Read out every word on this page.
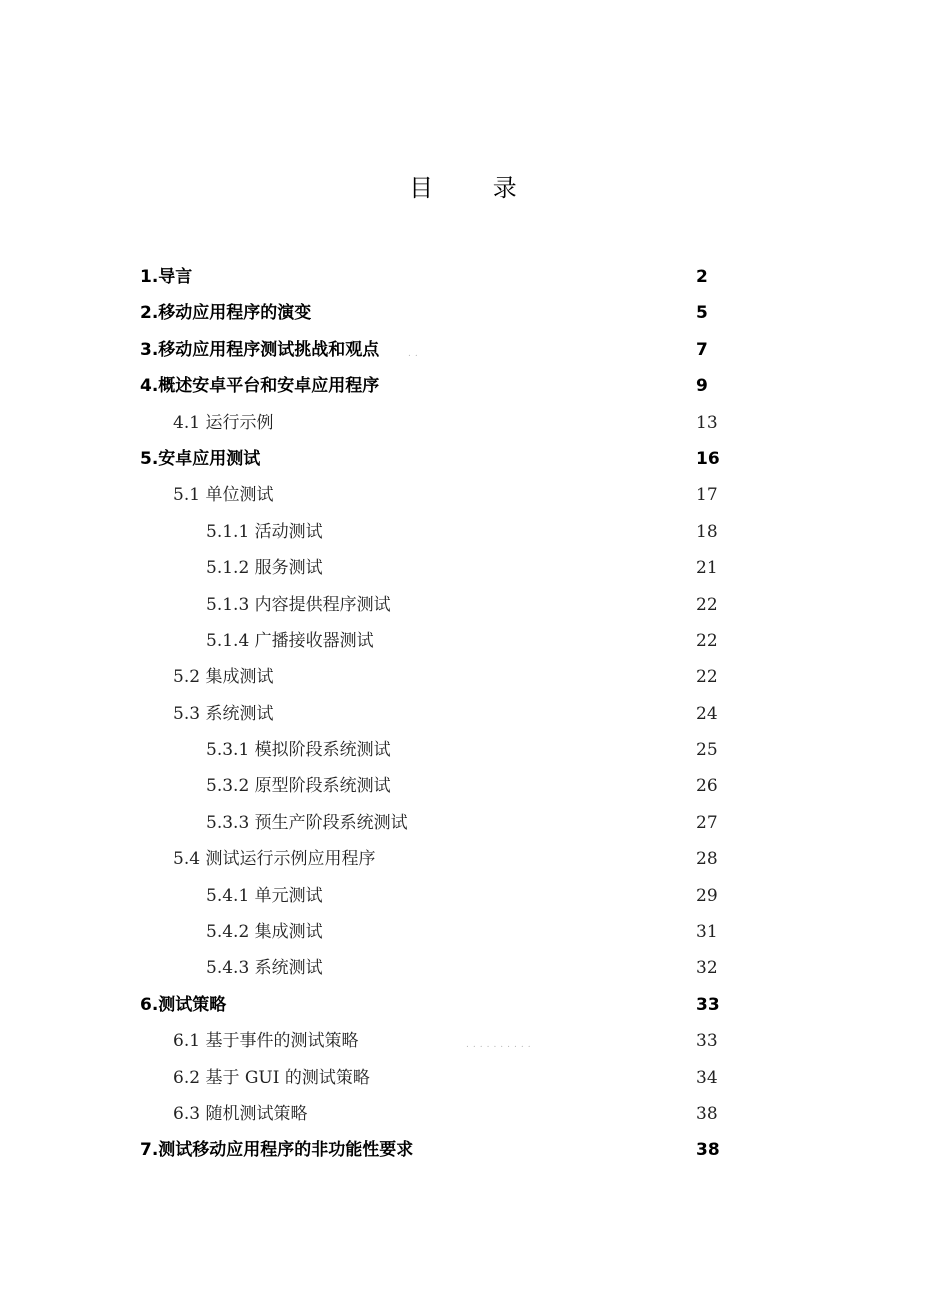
目 录
1.导言	2
2.移动应用程序的演变	5
3.移动应用程序测试挑战和观点	..	7
4.概述安卓平台和安卓应用程序	9
4.1 运行示例	13
5.安卓应用测试	16
5.1 单位测试	17
5.1.1 活动测试	18
5.1.2 服务测试	21
5.1.3 内容提供程序测试	22
5.1.4 广播接收器测试	22
5.2 集成测试	22
5.3 系统测试	24
5.3.1 模拟阶段系统测试	25
5.3.2 原型阶段系统测试	26
5.3.3 预生产阶段系统测试	27
5.4 测试运行示例应用程序	28
5.4.1 单元测试	29
5.4.2 集成测试	31
5.4.3 系统测试	32
6.测试策略	33
6.1 基于事件的测试策略	..........	33
6.2 基于 GUI 的测试策略	34
6.3 随机测试策略	38
7.测试移动应用程序的非功能性要求	38
